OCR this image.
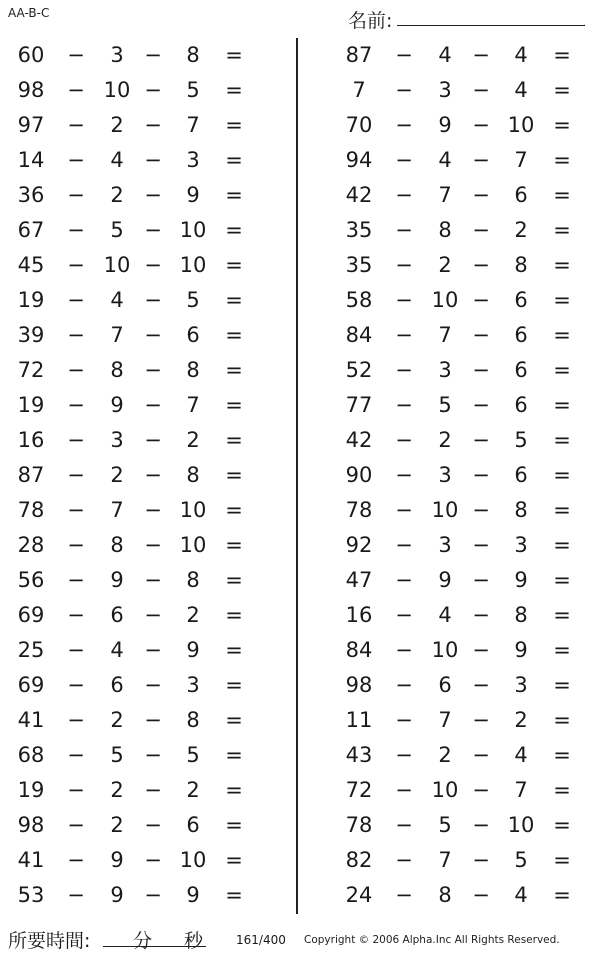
AA-B-C	名前:	.
60 −	3 −	8	=
98 − 10 −	5	=
97 −	2 −	7	=
14 −	4 −	3	=
36 −	2 −	9	=
67 −	5 − 10 =
45 − 10 − 10 =
19 −	4 −	5	=
39 −	7 −	6	=
72 −	8 −	8	=
19 −	9 −	7	=
16 −	3 −	2	=
87 −	2 −	8	=
78 −	7 − 10 =
28 −	8 − 10 =
56 −	9 −	8	=
69 −	6 −	2	=
25 −	4 −	9	=
69 −	6 −	3	=
41 −	2 −	8	=
68 −	5 −	5	=
19 −	2 −	2	=
98 −	2 −	6	=
41 −	9 − 10 =
53 −	9 −	9	=
87 −	4 −	4	=
7	−	3 −	4	=
70 −	9 − 10 =
94 −	4 −	7	=
42 −	7 −	6	=
35 −	8 −	2	=
35 −	2 −	8	=
58 − 10 −	6	=
84 −	7 −	6	=
52 −	3 −	6	=
77 −	5 −	6	=
42 −	2 −	5	=
90 −	3 −	6	=
78 − 10 −	8	=
92 −	3 −	3	=
47 −	9 −	9	=
16 −	4 −	8	=
84 − 10 −	9	=
98 −	6 −	3	=
11 −	7 −	2	=
43 −	2 −	4	=
72 − 10 −	7	=
78 −	5 − 10 =
82 −	7 −	5	=
24 −	8 −	4	=
所要時間: 分 秒	161/400 Copyright © 2006 Alpha.Inc All Rights Reserved.
